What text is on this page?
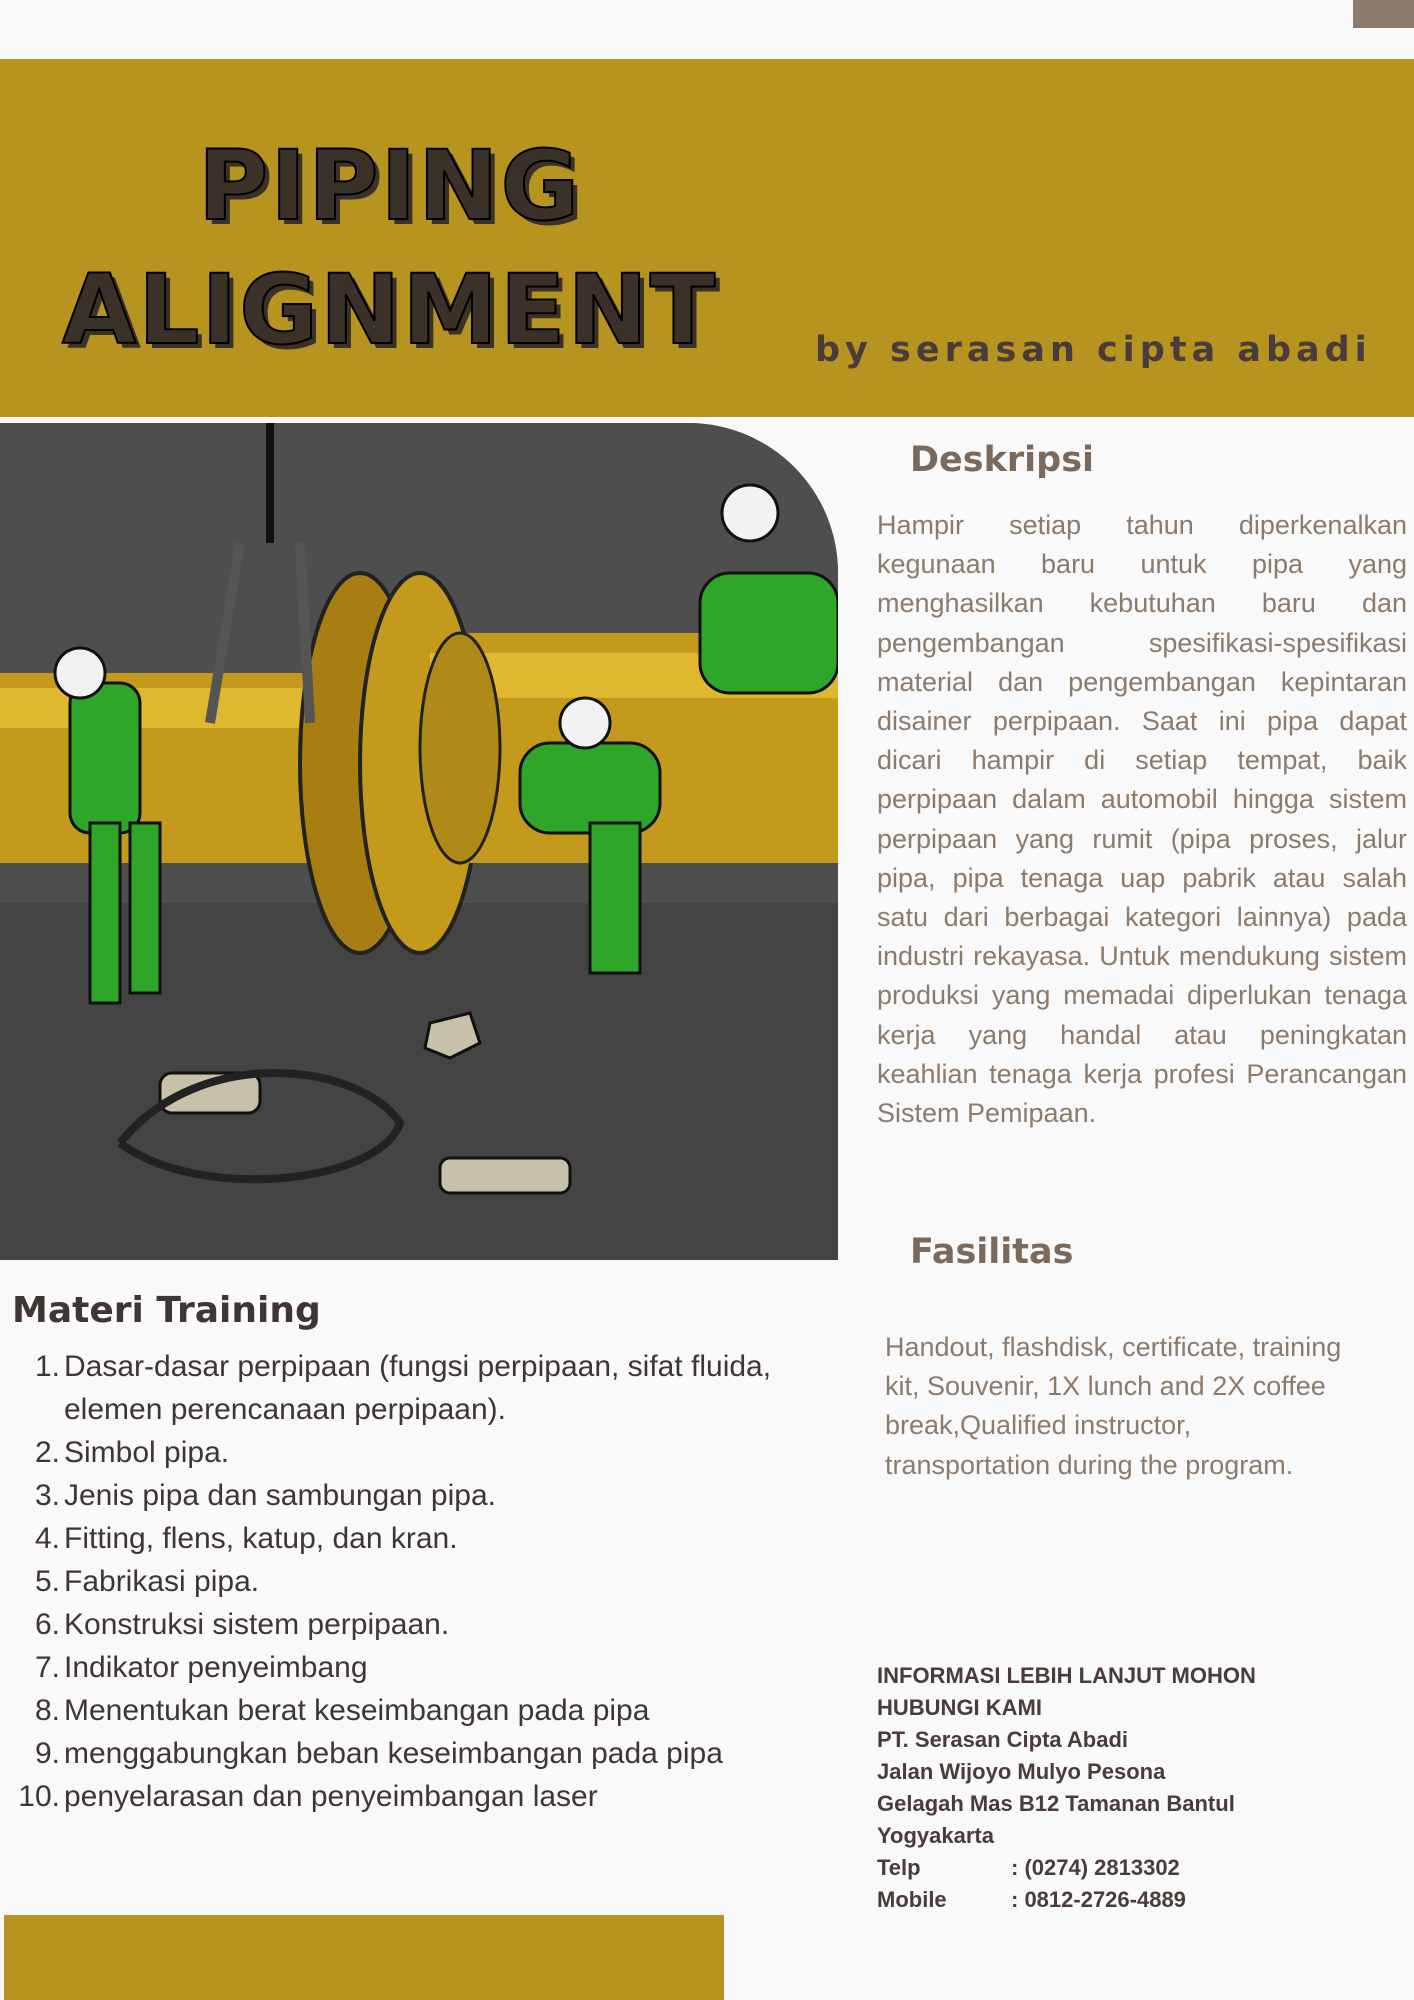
PIPING
ALIGNMENT	by serasan cipta abadi
Deskripsi
Hampir setiap tahun diperkenalkan kegunaan baru untuk pipa yang menghasilkan kebutuhan baru dan pengembangan spesifikasi-spesifikasi material dan pengembangan kepintaran disainer perpipaan. Saat ini pipa dapat dicari hampir di setiap tempat, baik perpipaan dalam automobil hingga sistem perpipaan yang rumit (pipa proses, jalur pipa, pipa tenaga uap pabrik atau salah satu dari berbagai kategori lainnya) pada industri rekayasa. Untuk mendukung sistem produksi yang memadai diperlukan tenaga kerja yang handal atau peningkatan keahlian tenaga kerja profesi Perancangan Sistem Pemipaan.
Fasilitas
Handout, flashdisk, certificate, training kit, Souvenir, 1X lunch and 2X coffee break,Qualified instructor, transportation during the program.
Materi Training
1. Dasar-dasar perpipaan (fungsi perpipaan, sifat fluida, elemen perencanaan perpipaan).
2. Simbol pipa.
3. Jenis pipa dan sambungan pipa.
4. Fitting, flens, katup, dan kran.
5. Fabrikasi pipa.
6. Konstruksi sistem perpipaan.
7. Indikator penyeimbang
8. Menentukan berat keseimbangan pada pipa
9. menggabungkan beban keseimbangan pada pipa
10. penyelarasan dan penyeimbangan laser
INFORMASI LEBIH LANJUT MOHON
HUBUNGI KAMI
PT. Serasan Cipta Abadi
Jalan Wijoyo Mulyo Pesona
Gelagah Mas B12 Tamanan Bantul
Yogyakarta
Telp	: (0274) 2813302
Mobile	: 0812-2726-4889
